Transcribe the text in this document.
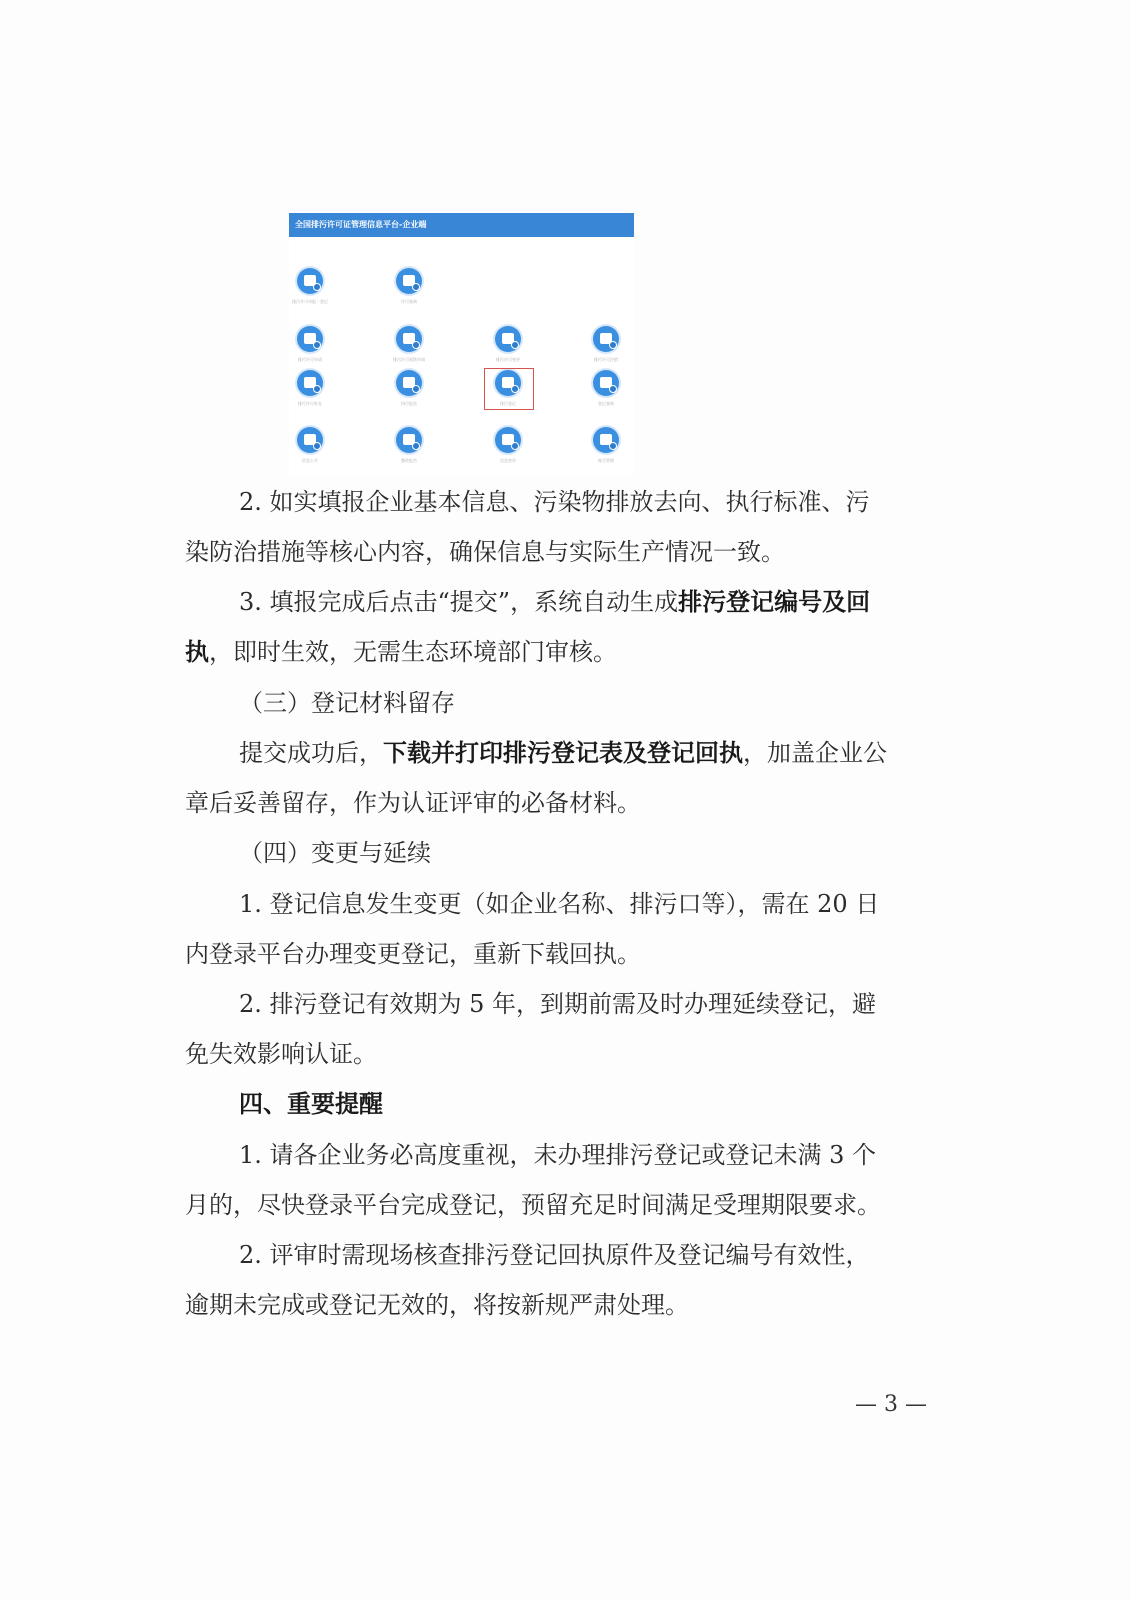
全国排污许可证管理信息平台-企业端
排污许可申报 · 登记	许可查询
排污许可申请	排污许可延续申请	排污许可变更	排污许可注销
排污许可补办	执行报告	排污登记	登记查询
信息公开	整改报告	信息变更	账号管理
2. 如实填报企业基本信息、污染物排放去向、执行标准、污
染防治措施等核心内容，确保信息与实际生产情况一致。
3. 填报完成后点击“提交”，系统自动生成排污登记编号及回
执，即时生效，无需生态环境部门审核。
（三）登记材料留存
提交成功后，下载并打印排污登记表及登记回执，加盖企业公
章后妥善留存，作为认证评审的必备材料。
（四）变更与延续
1. 登记信息发生变更（如企业名称、排污口等），需在 20 日
内登录平台办理变更登记，重新下载回执。
2. 排污登记有效期为 5 年，到期前需及时办理延续登记，避
免失效影响认证。
四、重要提醒
1. 请各企业务必高度重视，未办理排污登记或登记未满 3 个
月的，尽快登录平台完成登记，预留充足时间满足受理期限要求。
2. 评审时需现场核查排污登记回执原件及登记编号有效性，
逾期未完成或登记无效的，将按新规严肃处理。
— 3 —
